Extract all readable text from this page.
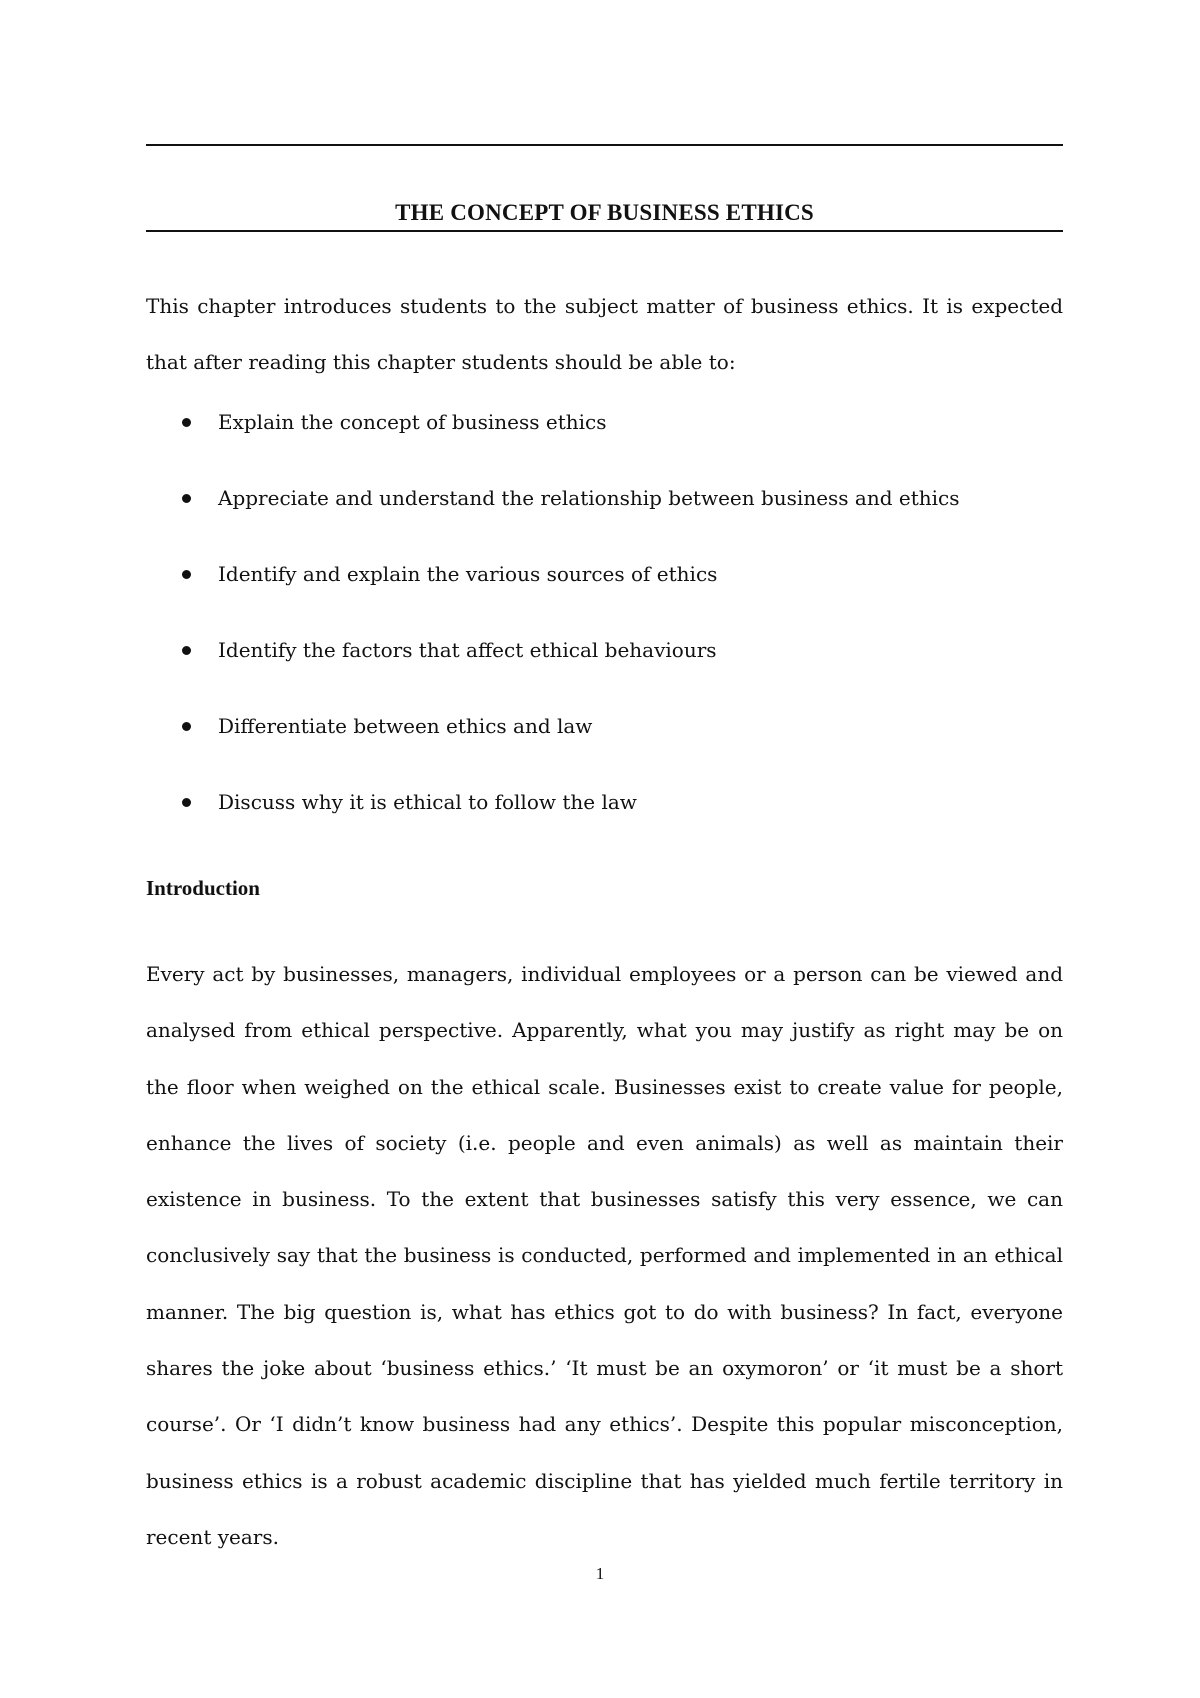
THE CONCEPT OF BUSINESS ETHICS

This chapter introduces students to the subject matter of business ethics. It is expected that after reading this chapter students should be able to:

Explain the concept of business ethics
Appreciate and understand the relationship between business and ethics
Identify and explain the various sources of ethics
Identify the factors that affect ethical behaviours
Differentiate between ethics and law
Discuss why it is ethical to follow the law
Introduction

Every act by businesses, managers, individual employees or a person can be viewed and analysed from ethical perspective. Apparently, what you may justify as right may be on the floor when weighed on the ethical scale. Businesses exist to create value for people, enhance the lives of society (i.e. people and even animals) as well as maintain their existence in business. To the extent that businesses satisfy this very essence, we can conclusively say that the business is conducted, performed and implemented in an ethical manner. The big question is, what has ethics got to do with business? In fact, everyone shares the joke about ‘business ethics.’ ‘It must be an oxymoron’ or ‘it must be a short course’. Or ‘I didn’t know business had any ethics’. Despite this popular misconception, business ethics is a robust academic discipline that has yielded much fertile territory in recent years.

1
